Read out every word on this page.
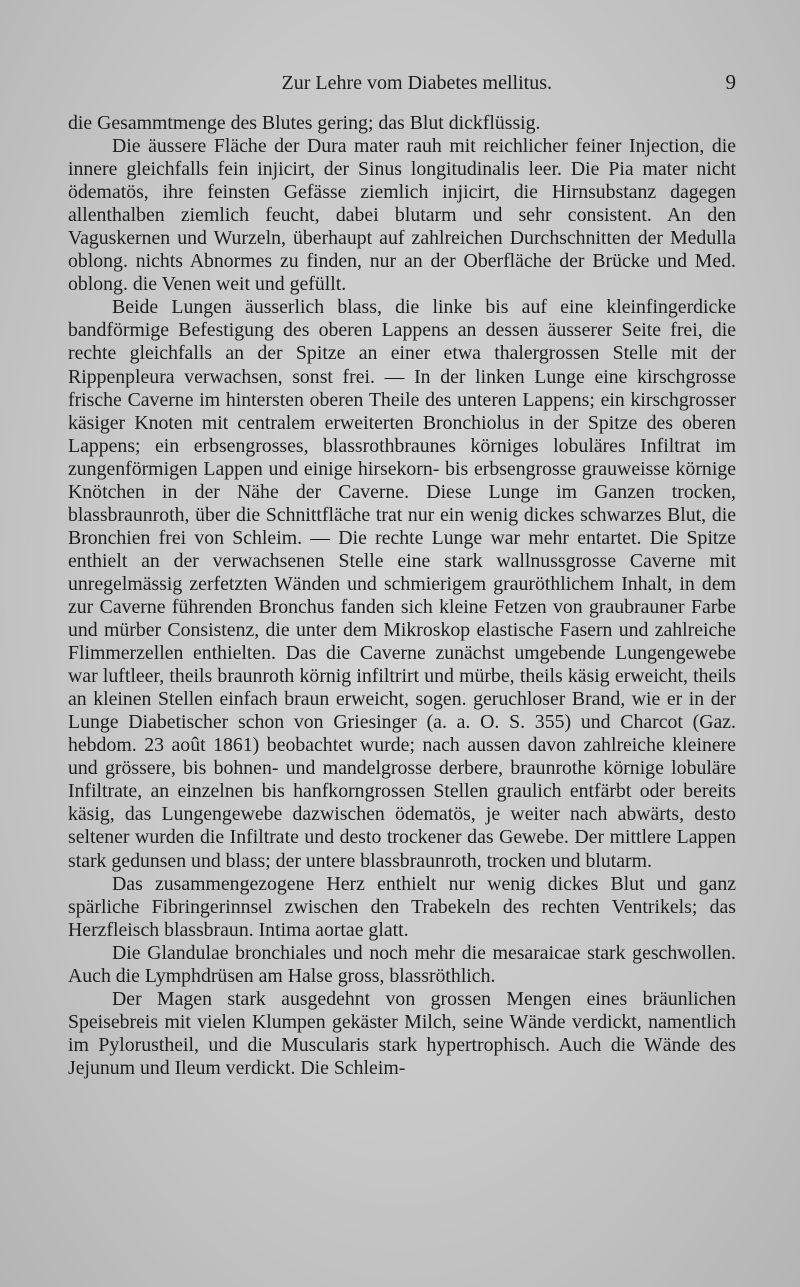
Zur Lehre vom Diabetes mellitus.	9

die Gesammtmenge des Blutes gering; das Blut dickflüssig.

Die äussere Fläche der Dura mater rauh mit reichlicher feiner Injection, die innere gleichfalls fein injicirt, der Sinus longitudinalis leer. Die Pia mater nicht ödematös, ihre feinsten Gefässe ziemlich injicirt, die Hirnsubstanz dagegen allenthalben ziemlich feucht, dabei blutarm und sehr consistent. An den Vaguskernen und Wurzeln, überhaupt auf zahlreichen Durchschnitten der Medulla oblong. nichts Abnormes zu finden, nur an der Oberfläche der Brücke und Med. oblong. die Venen weit und gefüllt.

Beide Lungen äusserlich blass, die linke bis auf eine kleinfingerdicke bandförmige Befestigung des oberen Lappens an dessen äusserer Seite frei, die rechte gleichfalls an der Spitze an einer etwa thalergrossen Stelle mit der Rippenpleura verwachsen, sonst frei. — In der linken Lunge eine kirschgrosse frische Caverne im hintersten oberen Theile des unteren Lappens; ein kirschgrosser käsiger Knoten mit centralem erweiterten Bronchiolus in der Spitze des oberen Lappens; ein erbsengrosses, blassrothbraunes körniges lobuläres Infiltrat im zungenförmigen Lappen und einige hirsekorn- bis erbsengrosse grauweisse körnige Knötchen in der Nähe der Caverne. Diese Lunge im Ganzen trocken, blassbraunroth, über die Schnittfläche trat nur ein wenig dickes schwarzes Blut, die Bronchien frei von Schleim. — Die rechte Lunge war mehr entartet. Die Spitze enthielt an der verwachsenen Stelle eine stark wallnussgrosse Caverne mit unregelmässig zerfetzten Wänden und schmierigem grauröthlichem Inhalt, in dem zur Caverne führenden Bronchus fanden sich kleine Fetzen von graubrauner Farbe und mürber Consistenz, die unter dem Mikroskop elastische Fasern und zahlreiche Flimmerzellen enthielten. Das die Caverne zunächst umgebende Lungengewebe war luftleer, theils braunroth körnig infiltrirt und mürbe, theils käsig erweicht, theils an kleinen Stellen einfach braun erweicht, sogen. geruchloser Brand, wie er in der Lunge Diabetischer schon von Griesinger (a. a. O. S. 355) und Charcot (Gaz. hebdom. 23 août 1861) beobachtet wurde; nach aussen davon zahlreiche kleinere und grössere, bis bohnen- und mandelgrosse derbere, braunrothe körnige lobuläre Infiltrate, an einzelnen bis hanfkorngrossen Stellen graulich entfärbt oder bereits käsig, das Lungengewebe dazwischen ödematös, je weiter nach abwärts, desto seltener wurden die Infiltrate und desto trockener das Gewebe. Der mittlere Lappen stark gedunsen und blass; der untere blassbraunroth, trocken und blutarm.

Das zusammengezogene Herz enthielt nur wenig dickes Blut und ganz spärliche Fibringerinnsel zwischen den Trabekeln des rechten Ventrikels; das Herzfleisch blassbraun. Intima aortae glatt.

Die Glandulae bronchiales und noch mehr die mesaraicae stark geschwollen. Auch die Lymphdrüsen am Halse gross, blassröthlich.

Der Magen stark ausgedehnt von grossen Mengen eines bräunlichen Speisebreis mit vielen Klumpen gekäster Milch, seine Wände verdickt, namentlich im Pylorustheil, und die Muscularis stark hypertrophisch. Auch die Wände des Jejunum und Ileum verdickt. Die Schleim-
